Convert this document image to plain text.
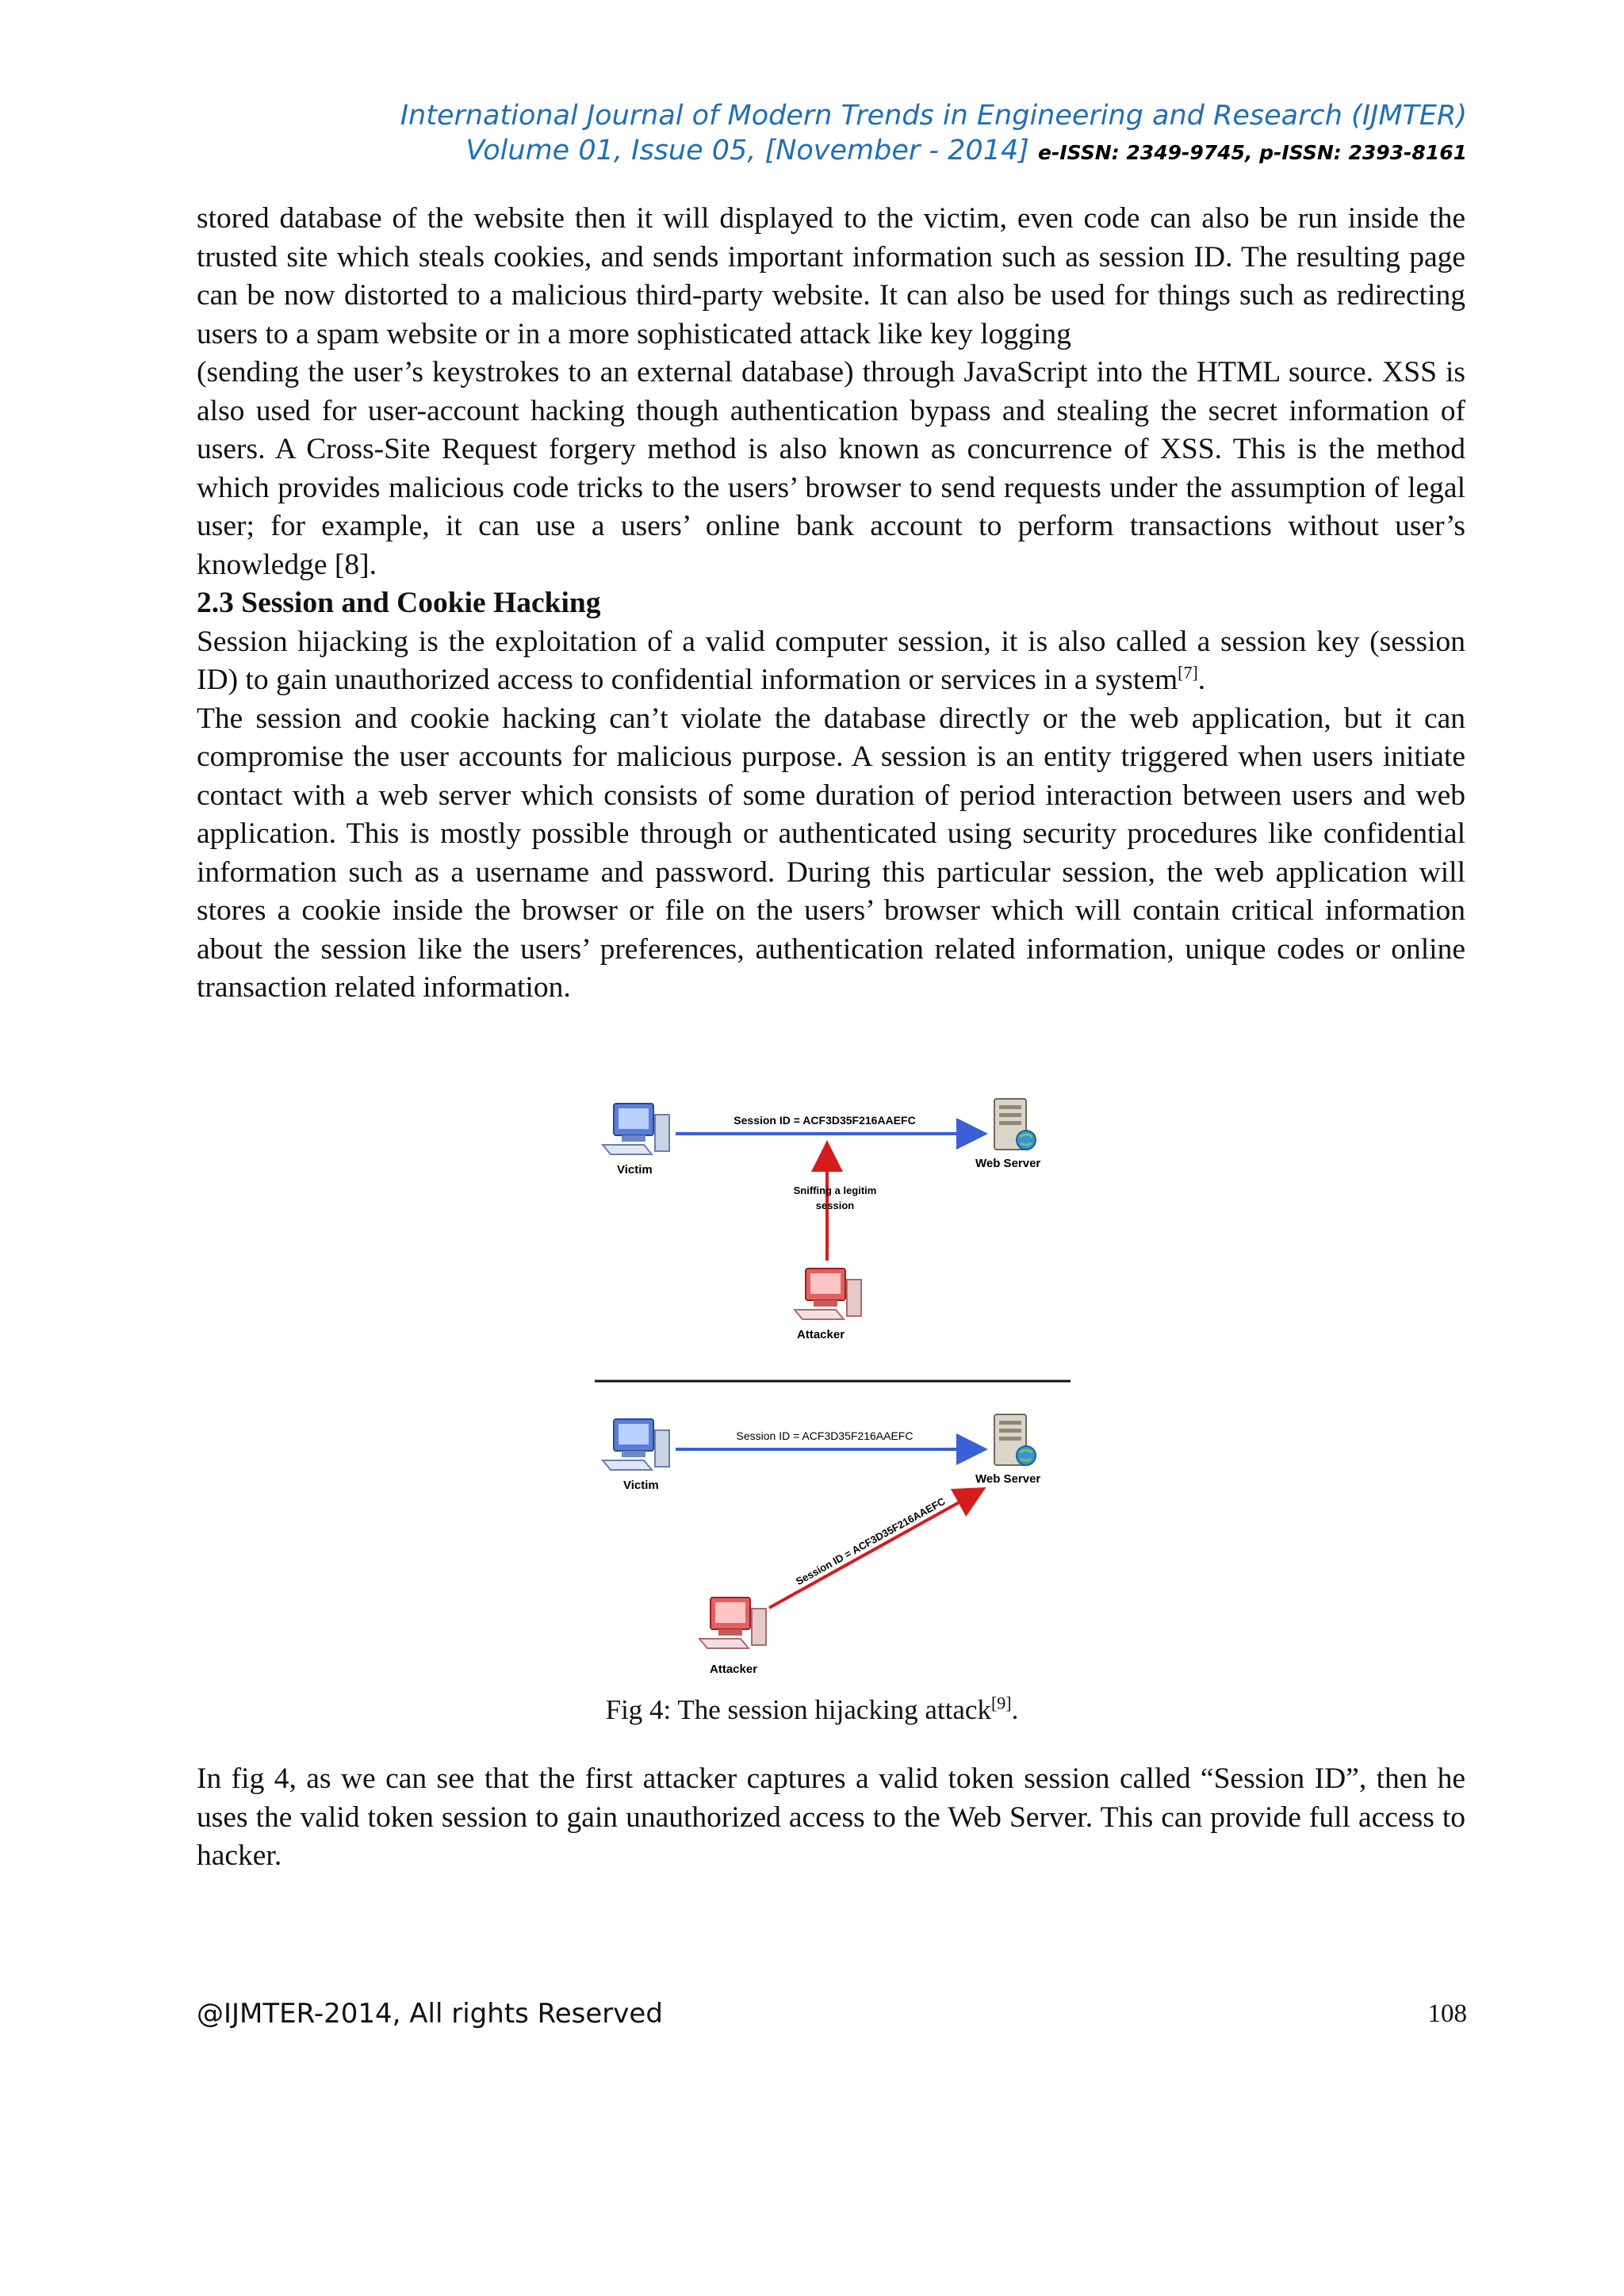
International Journal of Modern Trends in Engineering and Research (IJMTER)
Volume 01, Issue 05, [November - 2014] e-ISSN: 2349-9745, p-ISSN: 2393-8161

stored database of the website then it will displayed to the victim, even code can also be run inside the trusted site which steals cookies, and sends important information such as session ID. The resulting page can be now distorted to a malicious third-party website. It can also be used for things such as redirecting users to a spam website or in a more sophisticated attack like key logging

(sending the user’s keystrokes to an external database) through JavaScript into the HTML source. XSS is also used for user-account hacking though authentication bypass and stealing the secret information of users. A Cross-Site Request forgery method is also known as concurrence of XSS. This is the method which provides malicious code tricks to the users’ browser to send requests under the assumption of legal user; for example, it can use a users’ online bank account to perform transactions without user’s knowledge [8].

2.3 Session and Cookie Hacking

Session hijacking is the exploitation of a valid computer session, it is also called a session key (session ID) to gain unauthorized access to confidential information or services in a system[7].

The session and cookie hacking can’t violate the database directly or the web application, but it can compromise the user accounts for malicious purpose. A session is an entity triggered when users initiate contact with a web server which consists of some duration of period interaction between users and web application. This is mostly possible through or authenticated using security procedures like confidential information such as a username and password. During this particular session, the web application will stores a cookie inside the browser or file on the users’ browser which will contain critical information about the session like the users’ preferences, authentication related information, unique codes or online transaction related information.

Victim	Web Server
Session ID = ACF3D35F216AAEFC
Sniffing a legitim
session
Attacker
Victim	Web Server
Session ID = ACF3D35F216AAEFC
Session ID = ACF3D35F216AAEFC
Attacker
Fig 4: The session hijacking attack[9].

In fig 4, as we can see that the first attacker captures a valid token session called “Session ID”, then he uses the valid token session to gain unauthorized access to the Web Server. This can provide full access to hacker.

@IJMTER-2014, All rights Reserved	108
